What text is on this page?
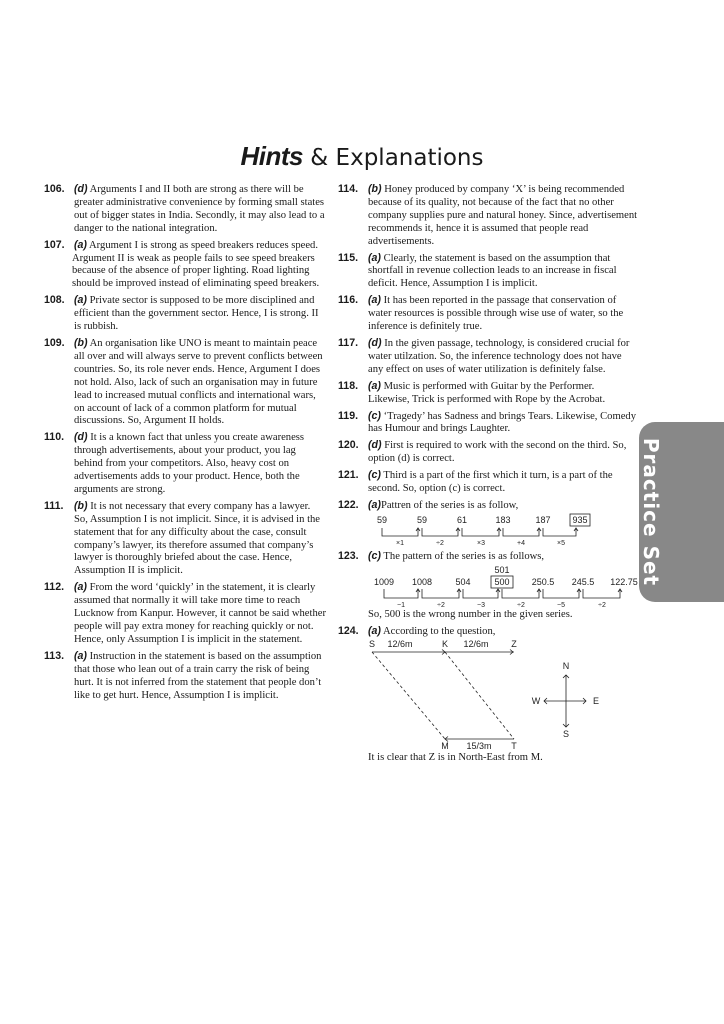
Hints & Explanations
Practice Set
106. (d) Arguments I and II both are strong as there will be greater administrative convenience by forming small states out of bigger states in India. Secondly, it may also lead to a danger to the national integration.
107. (a) Argument I is strong as speed breakers reduces speed.
Argument II is weak as people fails to see speed breakers because of the absence of proper lighting. Road lighting should be improved instead of eliminating speed breakers.
108. (a) Private sector is supposed to be more disciplined and efficient than the government sector. Hence, I is strong. II is rubbish.
109. (b) An organisation like UNO is meant to maintain peace all over and will always serve to prevent conflicts between countries. So, its role never ends. Hence, Argument I does not hold. Also, lack of such an organisation may in future lead to increased mutual conflicts and international wars, on account of lack of a common platform for mutual discussions. So, Argument II holds.
110. (d) It is a known fact that unless you create awareness through advertisements, about your product, you lag behind from your competitors. Also, heavy cost on advertisements adds to your product. Hence, both the arguments are strong.
111. (b) It is not necessary that every company has a lawyer. So, Assumption I is not implicit. Since, it is advised in the statement that for any difficulty about the case, consult company’s lawyer, its therefore assumed that company’s lawyer is thoroughly briefed about the case. Hence, Assumption II is implicit.
112. (a) From the word ‘quickly’ in the statement, it is clearly assumed that normally it will take more time to reach Lucknow from Kanpur. However, it cannot be said whether people will pay extra money for reaching quickly or not. Hence, only Assumption I is implicit in the statement.
113. (a) Instruction in the statement is based on the assumption that those who lean out of a train carry the risk of being hurt. It is not inferred from the statement that people don’t like to get hurt. Hence, Assumption I is implicit.
114. (b) Honey produced by company ‘X’ is being recommended because of its quality, not because of the fact that no other company supplies pure and natural honey. Since, advertisement recommends it, hence it is assumed that people read advertisements.
115. (a) Clearly, the statement is based on the assumption that shortfall in revenue collection leads to an increase in fiscal deficit. Hence, Assumption I is implicit.
116. (a) It has been reported in the passage that conservation of water resources is possible through wise use of water, so the inference is definitely true.
117. (d) In the given passage, technology, is considered crucial for water utilzation. So, the inference technology does not have any effect on uses of water utilization is definitely false.
118. (a) Music is performed with Guitar by the Performer. Likewise, Trick is performed with Rope by the Acrobat.
119. (c) ‘Tragedy’ has Sadness and brings Tears. Likewise, Comedy has Humour and brings Laughter.
120. (d) First is required to work with the second on the third. So, option (d) is correct.
121. (c) Third is a part of the first which it turn, is a part of the second. So, option (c) is correct.
122. (a)Pattren of the series is as follow,
59	59	61	183	187 935
×1	÷2	×3	+4	×5
123. (c) The pattern of the series is as follows,
501
1009 1008	504	500 250.5 245.5 122.75
−1	÷2	−3	÷2	−5	÷2
So, 500 is the wrong number in the given series.
124. (a) According to the question,
S 12/6m	K 12/6m	Z
M 15/3m T
N
W	E
S
It is clear that Z is in North-East from M.
